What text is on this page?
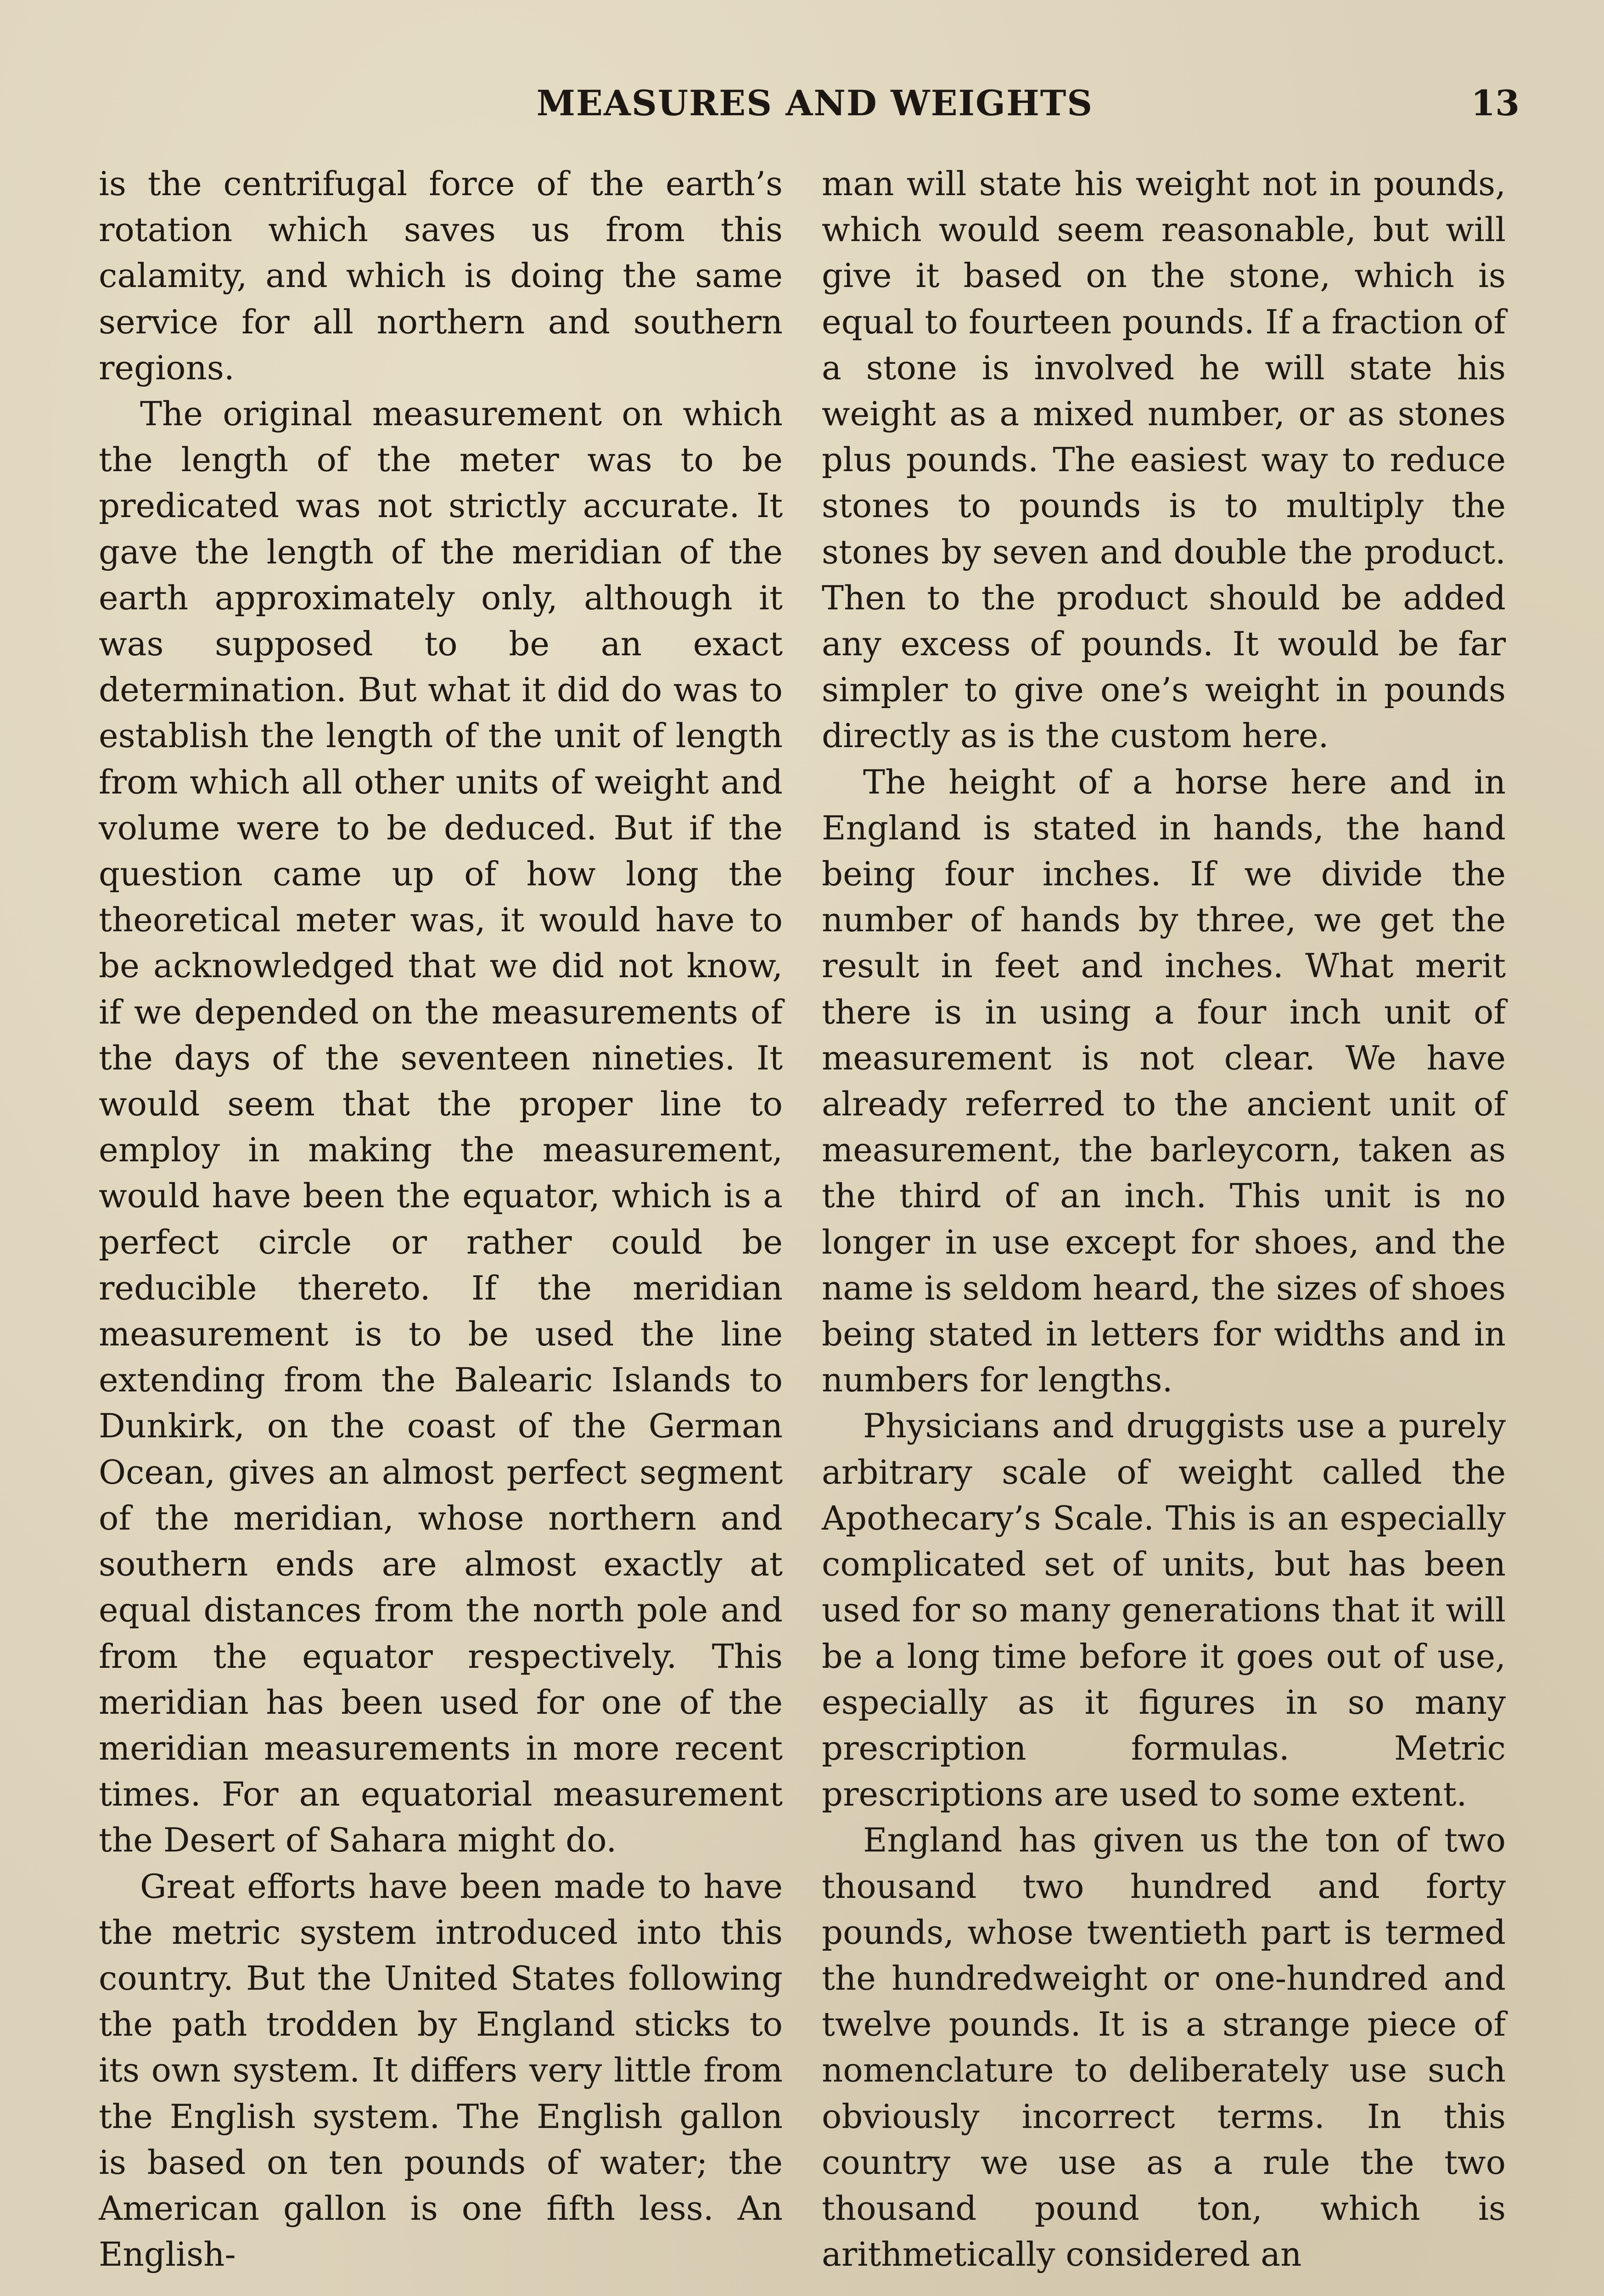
MEASURES AND WEIGHTS	13

is the centrifugal force of the earth’s rotation which saves us from this calamity, and which is doing the same service for all northern and southern regions.

The original measurement on which the length of the meter was to be predicated was not strictly accurate. It gave the length of the meridian of the earth approximately only, although it was supposed to be an exact determination. But what it did do was to establish the length of the unit of length from which all other units of weight and volume were to be deduced. But if the question came up of how long the theoretical meter was, it would have to be acknowledged that we did not know, if we depended on the measurements of the days of the seventeen nineties. It would seem that the proper line to employ in making the measurement, would have been the equator, which is a perfect circle or rather could be reducible thereto. If the meridian measurement is to be used the line extending from the Balearic Islands to Dunkirk, on the coast of the German Ocean, gives an almost perfect segment of the meridian, whose northern and southern ends are almost exactly at equal distances from the north pole and from the equator respectively. This meridian has been used for one of the meridian measurements in more recent times. For an equatorial measurement the Desert of Sahara might do.

Great efforts have been made to have the metric system introduced into this country. But the United States following the path trodden by England sticks to its own system. It differs very little from the English system. The English gallon is based on ten pounds of water; the American gallon is one fifth less. An English-

man will state his weight not in pounds, which would seem reasonable, but will give it based on the stone, which is equal to fourteen pounds. If a fraction of a stone is involved he will state his weight as a mixed number, or as stones plus pounds. The easiest way to reduce stones to pounds is to multiply the stones by seven and double the product. Then to the product should be added any excess of pounds. It would be far simpler to give one’s weight in pounds directly as is the custom here.

The height of a horse here and in England is stated in hands, the hand being four inches. If we divide the number of hands by three, we get the result in feet and inches. What merit there is in using a four inch unit of measurement is not clear. We have already referred to the ancient unit of measurement, the barleycorn, taken as the third of an inch. This unit is no longer in use except for shoes, and the name is seldom heard, the sizes of shoes being stated in letters for widths and in numbers for lengths.

Physicians and druggists use a purely arbitrary scale of weight called the Apothecary’s Scale. This is an especially complicated set of units, but has been used for so many generations that it will be a long time before it goes out of use, especially as it figures in so many prescription formulas. Metric prescriptions are used to some extent.

England has given us the ton of two thousand two hundred and forty pounds, whose twentieth part is termed the hundredweight or one-hundred and twelve pounds. It is a strange piece of nomenclature to deliberately use such obviously incorrect terms. In this country we use as a rule the two thousand pound ton, which is arithmetically considered an
